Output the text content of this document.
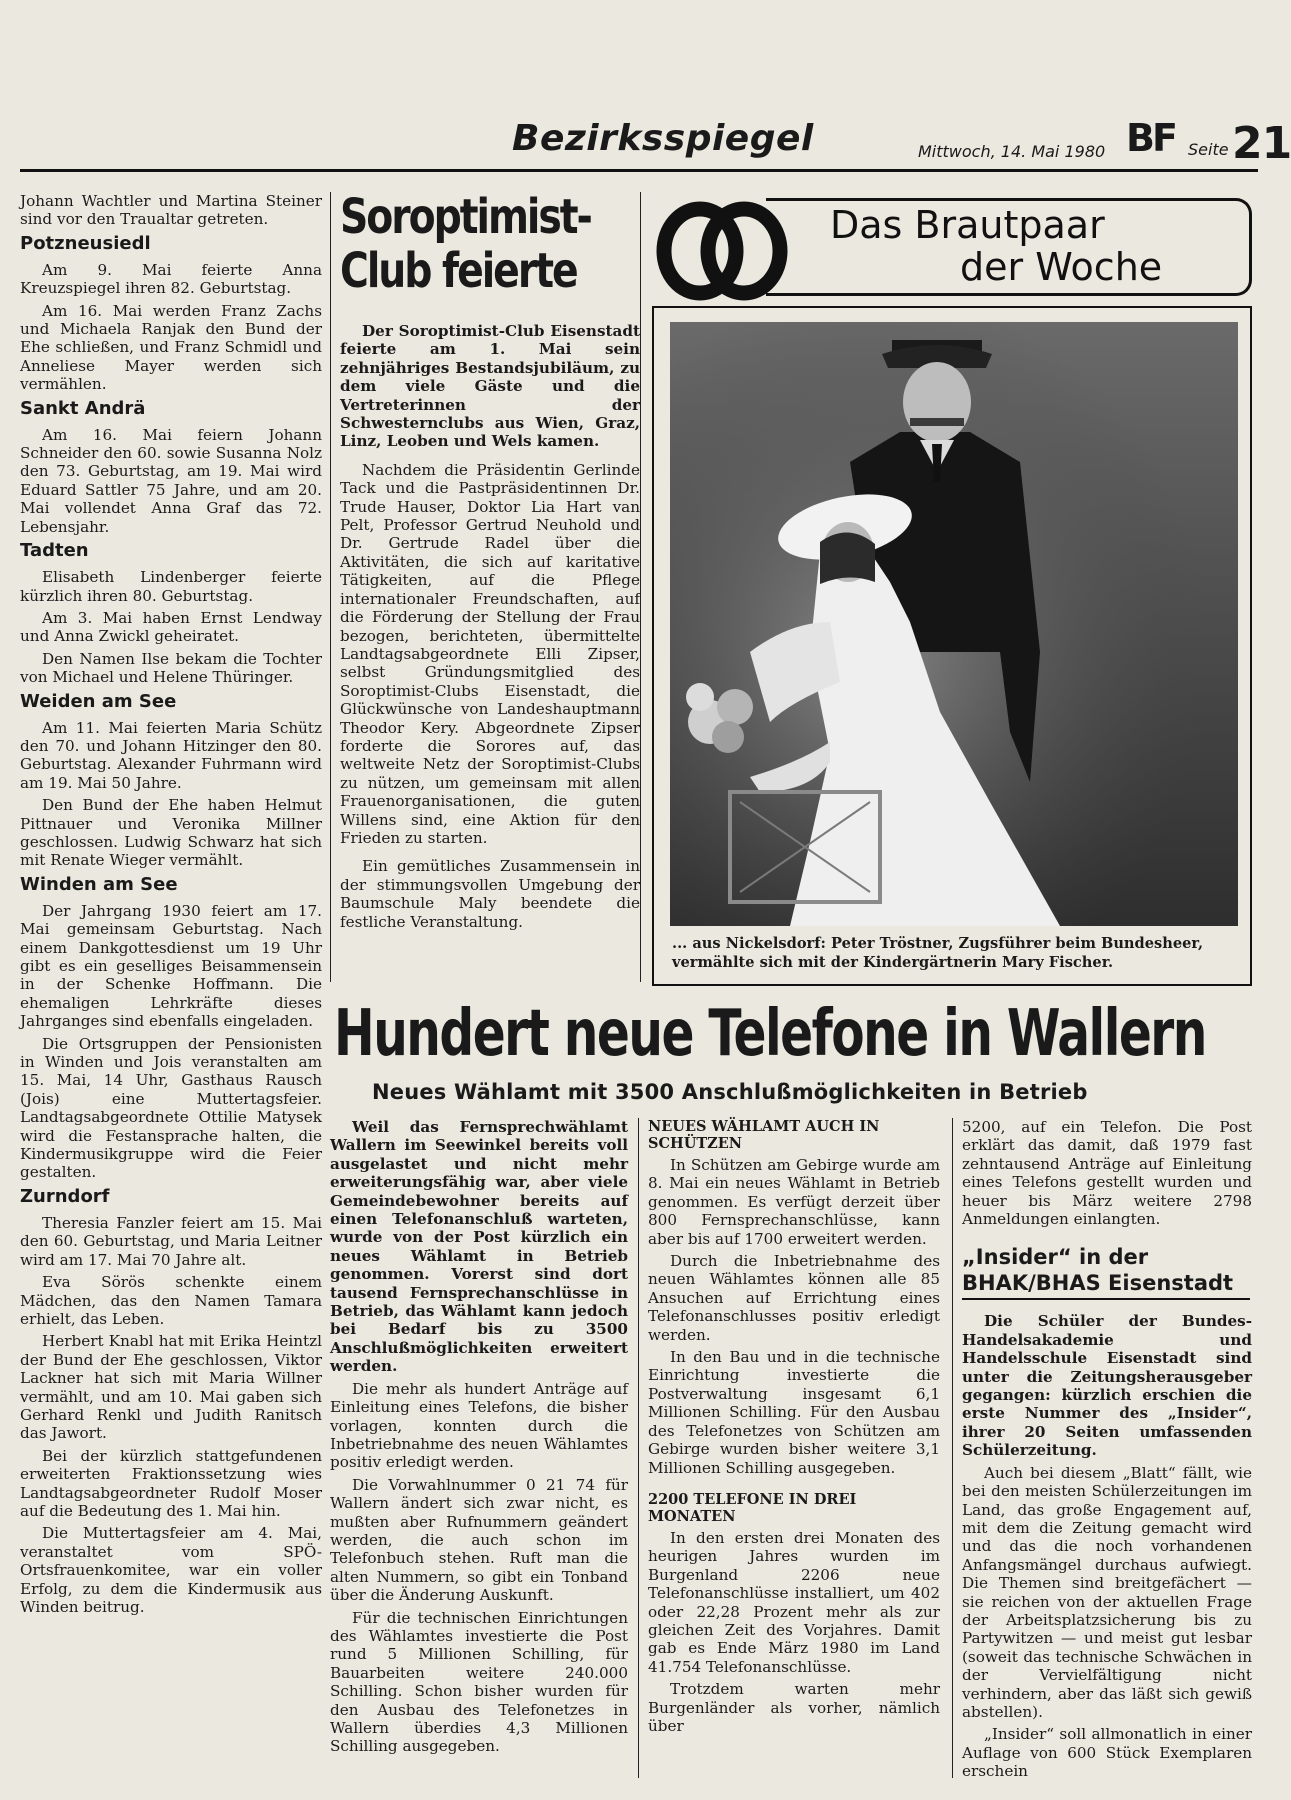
Bezirksspiegel	Mittwoch, 14. Mai 1980 BF Seite 21

Johann Wachtler und Martina Steiner sind vor den Traualtar getreten.

Potzneusiedl

Am 9. Mai feierte Anna Kreuzspiegel ihren 82. Geburtstag.

Am 16. Mai werden Franz Zachs und Michaela Ranjak den Bund der Ehe schließen, und Franz Schmidl und Anneliese Mayer werden sich vermählen.

Sankt Andrä

Am 16. Mai feiern Johann Schneider den 60. sowie Susanna Nolz den 73. Geburtstag, am 19. Mai wird Eduard Sattler 75 Jahre, und am 20. Mai vollendet Anna Graf das 72. Lebensjahr.

Tadten

Elisabeth Lindenberger feierte kürzlich ihren 80. Geburtstag.

Am 3. Mai haben Ernst Lendway und Anna Zwickl geheiratet.

Den Namen Ilse bekam die Tochter von Michael und Helene Thüringer.

Weiden am See

Am 11. Mai feierten Maria Schütz den 70. und Johann Hitzinger den 80. Geburtstag. Alexander Fuhrmann wird am 19. Mai 50 Jahre.

Den Bund der Ehe haben Helmut Pittnauer und Veronika Millner geschlossen. Ludwig Schwarz hat sich mit Renate Wieger vermählt.

Winden am See

Der Jahrgang 1930 feiert am 17. Mai gemeinsam Geburtstag. Nach einem Dankgottesdienst um 19 Uhr gibt es ein geselliges Beisammensein in der Schenke Hoffmann. Die ehemaligen Lehrkräfte dieses Jahrganges sind ebenfalls eingeladen.

Die Ortsgruppen der Pensionisten in Winden und Jois veranstalten am 15. Mai, 14 Uhr, Gasthaus Rausch (Jois) eine Muttertagsfeier. Landtagsabgeordnete Ottilie Matysek wird die Festansprache halten, die Kindermusikgruppe wird die Feier gestalten.

Zurndorf

Theresia Fanzler feiert am 15. Mai den 60. Geburtstag, und Maria Leitner wird am 17. Mai 70 Jahre alt.

Eva Sörös schenkte einem Mädchen, das den Namen Tamara erhielt, das Leben.

Herbert Knabl hat mit Erika Heintzl der Bund der Ehe geschlossen, Viktor Lackner hat sich mit Maria Willner vermählt, und am 10. Mai gaben sich Gerhard Renkl und Judith Ranitsch das Jawort.

Bei der kürzlich stattgefundenen erweiterten Fraktionssetzung wies Landtagsabgeordneter Rudolf Moser auf die Bedeutung des 1. Mai hin.

Die Muttertagsfeier am 4. Mai, veranstaltet vom SPÖ-Ortsfrauenkomitee, war ein voller Erfolg, zu dem die Kindermusik aus Winden beitrug.

Soroptimist-
Club feierte

Der Soroptimist-Club Eisenstadt feierte am 1. Mai sein zehnjähriges Bestandsjubiläum, zu dem viele Gäste und die Vertreterinnen der Schwesternclubs aus Wien, Graz, Linz, Leoben und Wels kamen.

Nachdem die Präsidentin Gerlinde Tack und die Pastpräsidentinnen Dr. Trude Hauser, Doktor Lia Hart van Pelt, Professor Gertrud Neuhold und Dr. Gertrude Radel über die Aktivitäten, die sich auf karitative Tätigkeiten, auf die Pflege internationaler Freundschaften, auf die Förderung der Stellung der Frau bezogen, berichteten, übermittelte Landtagsabgeordnete Elli Zipser, selbst Gründungsmitglied des Soroptimist-Clubs Eisenstadt, die Glückwünsche von Landeshauptmann Theodor Kery. Abgeordnete Zipser forderte die Sorores auf, das weltweite Netz der Soroptimist-Clubs zu nützen, um gemeinsam mit allen Frauenorganisationen, die guten Willens sind, eine Aktion für den Frieden zu starten.

Ein gemütliches Zusammensein in der stimmungsvollen Umgebung der Baumschule Maly beendete die festliche Veranstaltung.

Das Brautpaar
der Woche
... aus Nickelsdorf: Peter Tröstner, Zugsführer beim Bundesheer, vermählte sich mit der Kindergärtnerin Mary Fischer.
Hundert neue Telefone in Wallern
Neues Wählamt mit 3500 Anschlußmöglichkeiten in Betrieb

Weil das Fernsprechwählamt Wallern im Seewinkel bereits voll ausgelastet und nicht mehr erweiterungsfähig war, aber viele Gemeindebewohner bereits auf einen Telefonanschluß warteten, wurde von der Post kürzlich ein neues Wählamt in Betrieb genommen. Vorerst sind dort tausend Fernsprechanschlüsse in Betrieb, das Wählamt kann jedoch bei Bedarf bis zu 3500 Anschlußmöglichkeiten erweitert werden.

Die mehr als hundert Anträge auf Einleitung eines Telefons, die bisher vorlagen, konnten durch die Inbetriebnahme des neuen Wählamtes positiv erledigt werden.

Die Vorwahlnummer 0 21 74 für Wallern ändert sich zwar nicht, es mußten aber Rufnummern geändert werden, die auch schon im Telefonbuch stehen. Ruft man die alten Nummern, so gibt ein Tonband über die Änderung Auskunft.

Für die technischen Einrichtungen des Wählamtes investierte die Post rund 5 Millionen Schilling, für Bauarbeiten weitere 240.000 Schilling. Schon bisher wurden für den Ausbau des Telefonetzes in Wallern überdies 4,3 Millionen Schilling ausgegeben.

NEUES WÄHLAMT AUCH IN SCHÜTZEN

In Schützen am Gebirge wurde am 8. Mai ein neues Wählamt in Betrieb genommen. Es verfügt derzeit über 800 Fernsprechanschlüsse, kann aber bis auf 1700 erweitert werden.

Durch die Inbetriebnahme des neuen Wählamtes können alle 85 Ansuchen auf Errichtung eines Telefonanschlusses positiv erledigt werden.

In den Bau und in die technische Einrichtung investierte die Postverwaltung insgesamt 6,1 Millionen Schilling. Für den Ausbau des Telefonetzes von Schützen am Gebirge wurden bisher weitere 3,1 Millionen Schilling ausgegeben.

2200 TELEFONE IN DREI MONATEN

In den ersten drei Monaten des heurigen Jahres wurden im Burgenland 2206 neue Telefonanschlüsse installiert, um 402 oder 22,28 Prozent mehr als zur gleichen Zeit des Vorjahres. Damit gab es Ende März 1980 im Land 41.754 Telefonanschlüsse.

Trotzdem warten mehr Burgenländer als vorher, nämlich über

5200, auf ein Telefon. Die Post erklärt das damit, daß 1979 fast zehntausend Anträge auf Einleitung eines Telefons gestellt wurden und heuer bis März weitere 2798 Anmeldungen einlangten.

„Insider“ in der
BHAK/BHAS Eisenstadt

Die Schüler der Bundes-Handelsakademie und Handelsschule Eisenstadt sind unter die Zeitungsherausgeber gegangen: kürzlich erschien die erste Nummer des „Insider“, ihrer 20 Seiten umfassenden Schülerzeitung.

Auch bei diesem „Blatt“ fällt, wie bei den meisten Schülerzeitungen im Land, das große Engagement auf, mit dem die Zeitung gemacht wird und das die noch vorhandenen Anfangsmängel durchaus aufwiegt. Die Themen sind breitgefächert — sie reichen von der aktuellen Frage der Arbeitsplatzsicherung bis zu Partywitzen — und meist gut lesbar (soweit das technische Schwächen in der Vervielfältigung nicht verhindern, aber das läßt sich gewiß abstellen).

„Insider“ soll allmonatlich in einer Auflage von 600 Stück Exemplaren erschein
